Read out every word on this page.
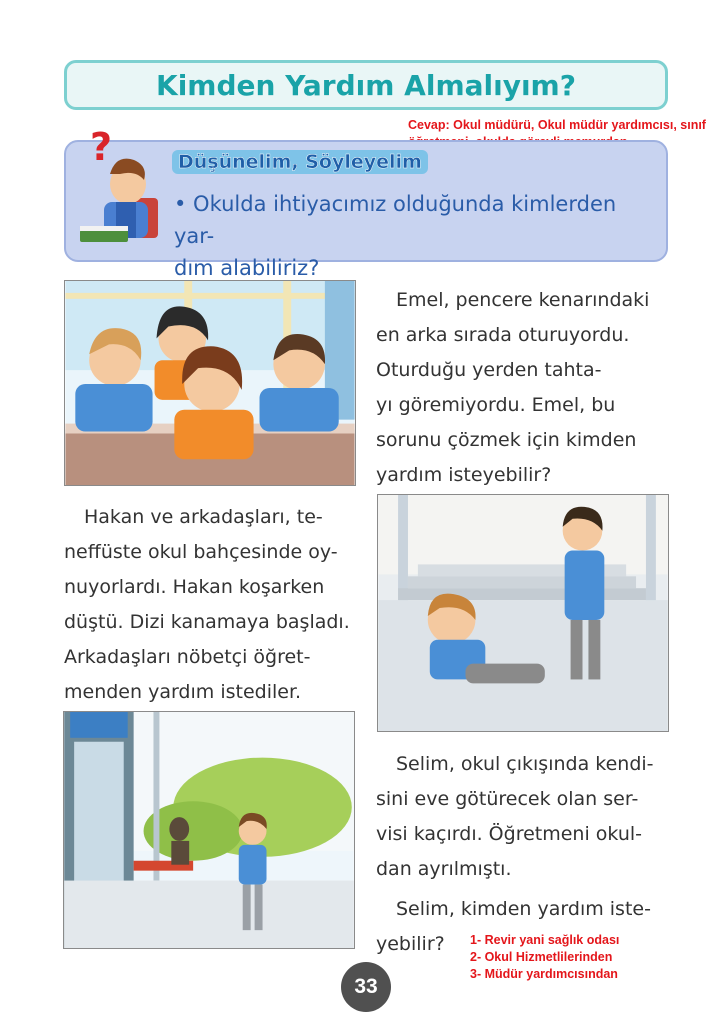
Kimden Yardım Almalıyım?
Cevap: Okul müdürü, Okul müdür yardımcısı, sınıf
?	Düşünelim, Söyleyelim
• Okulda ihtiyacımız olduğunda kimlerden yar-
dım alabiliriz?
Emel, pencere kenarındaki
en arka sırada oturuyordu.
Oturduğu yerden tahta-
yı göremiyordu. Emel, bu
sorunu çözmek için kimden
yardım isteyebilir?
Hakan ve arkadaşları, te-
neffüste okul bahçesinde oy-
nuyorlardı. Hakan koşarken
düştü. Dizi kanamaya başladı.
Arkadaşları nöbetçi öğret-
menden yardım istediler.
Selim, okul çıkışında kendi-
sini eve götürecek olan ser-
visi kaçırdı. Öğretmeni okul-
dan ayrılmıştı.
Selim, kimden yardım iste-
yebilir?	1- Revir yani sağlık odası
2- Okul Hizmetlilerinden
3- Müdür yardımcısından
33
